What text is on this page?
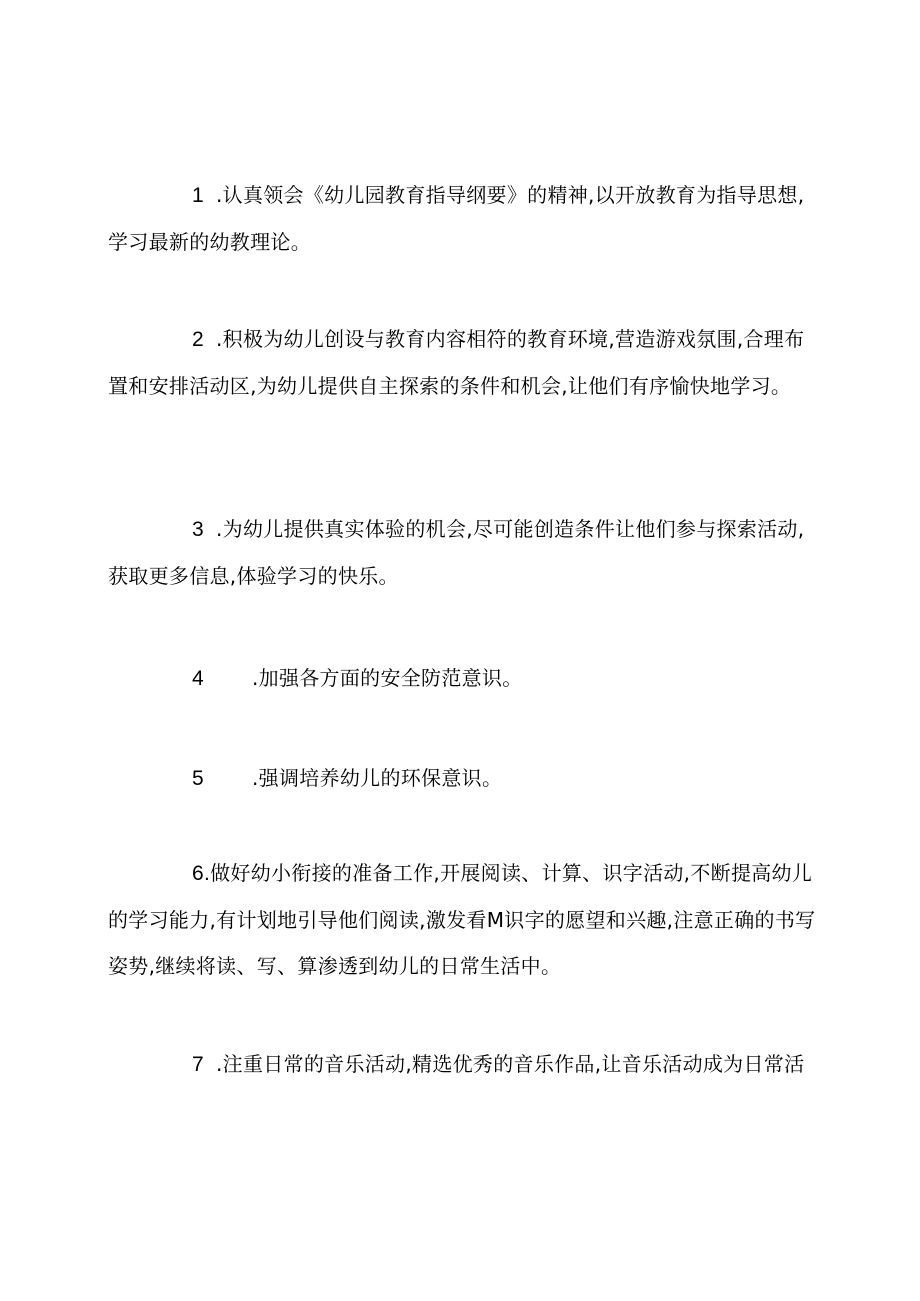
1 .认真领会《幼儿园教育指导纲要》的精神,以开放教育为指导思想,学习最新的幼教理论。

2 .积极为幼儿创设与教育内容相符的教育环境,营造游戏氛围,合理布置和安排活动区,为幼儿提供自主探索的条件和机会,让他们有序愉快地学习。

3 .为幼儿提供真实体验的机会,尽可能创造条件让他们参与探索活动,获取更多信息,体验学习的快乐。

4 .加强各方面的安全防范意识。

5 .强调培养幼儿的环保意识。

6.做好幼小衔接的准备工作,开展阅读、计算、识字活动,不断提高幼儿的学习能力,有计划地引导他们阅读,激发看M识字的愿望和兴趣,注意正确的书写姿势,继续将读、写、算渗透到幼儿的日常生活中。

7 .注重日常的音乐活动,精选优秀的音乐作品,让音乐活动成为日常活
